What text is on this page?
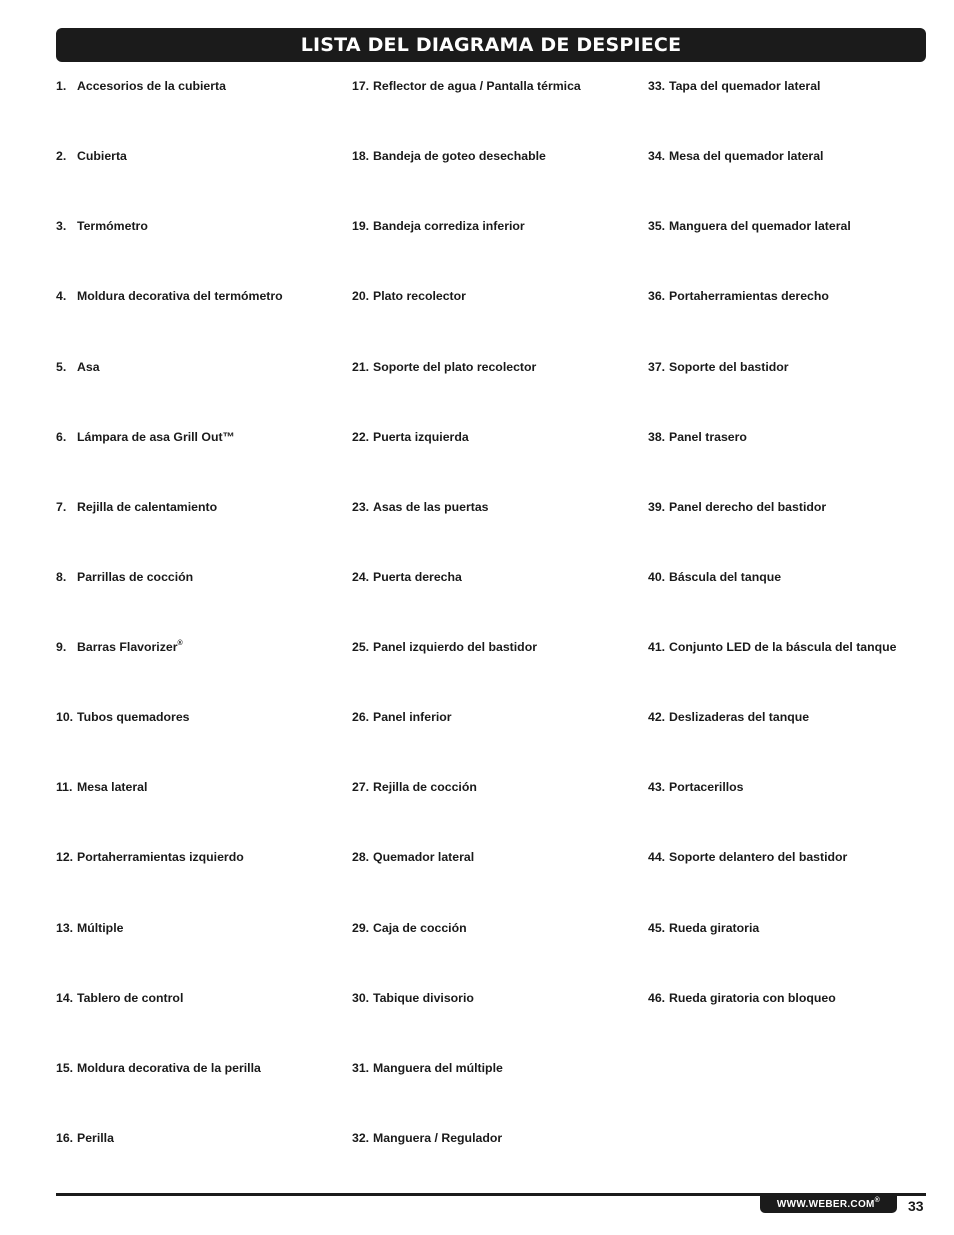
LISTA DEL DIAGRAMA DE DESPIECE
1. Accesorios de la cubierta
2. Cubierta
3. Termómetro
4. Moldura decorativa del termómetro
5. Asa
6. Lámpara de asa Grill Out™
7. Rejilla de calentamiento
8. Parrillas de cocción
9. Barras Flavorizer®
10. Tubos quemadores
11. Mesa lateral
12. Portaherramientas izquierdo
13. Múltiple
14. Tablero de control
15. Moldura decorativa de la perilla
16. Perilla
17. Reflector de agua / Pantalla térmica
18. Bandeja de goteo desechable
19. Bandeja corrediza inferior
20. Plato recolector
21. Soporte del plato recolector
22. Puerta izquierda
23. Asas de las puertas
24. Puerta derecha
25. Panel izquierdo del bastidor
26. Panel inferior
27. Rejilla de cocción
28. Quemador lateral
29. Caja de cocción
30. Tabique divisorio
31. Manguera del múltiple
32. Manguera / Regulador
33. Tapa del quemador lateral
34. Mesa del quemador lateral
35. Manguera del quemador lateral
36. Portaherramientas derecho
37. Soporte del bastidor
38. Panel trasero
39. Panel derecho del bastidor
40. Báscula del tanque
41. Conjunto LED de la báscula del tanque
42. Deslizaderas del tanque
43. Portacerillos
44. Soporte delantero del bastidor
45. Rueda giratoria
46. Rueda giratoria con bloqueo
WWW.WEBER.COM® 33
